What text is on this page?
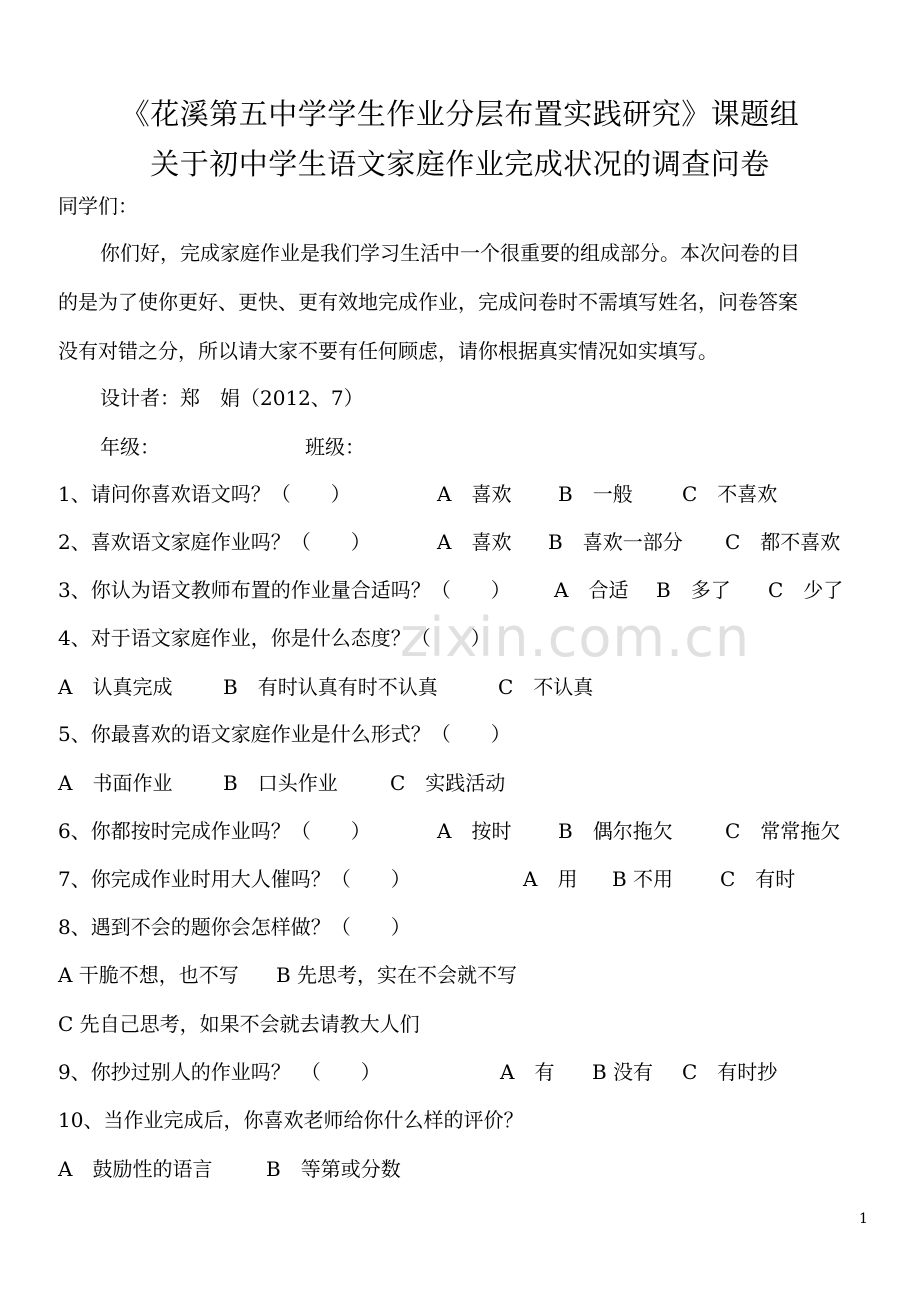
《花溪第五中学学生作业分层布置实践研究》课题组
关于初中学生语文家庭作业完成状况的调查问卷
同学们：
你们好，完成家庭作业是我们学习生活中一个很重要的组成部分。本次问卷的目
的是为了使你更好、更快、更有效地完成作业，完成问卷时不需填写姓名，问卷答案
没有对错之分，所以请大家不要有任何顾虑，请你根据真实情况如实填写。
设计者：郑　娟（2012、7）
年级：	班级：
1、请问你喜欢语文吗？（　　）	A　喜欢 B　一般 C　不喜欢
2、喜欢语文家庭作业吗？（　　）	A　喜欢 B　喜欢一部分 C　都不喜欢
3、你认为语文教师布置的作业量合适吗？（　　） A　合适 B　多了 C　少了
4、对于语文家庭作业，你是什么态度？（　　）
A　认真完成	B　有时认真有时不认真	C　不认真
5、你最喜欢的语文家庭作业是什么形式？（　　）
A　书面作业	B　口头作业	C　实践活动
6、你都按时完成作业吗？（　　）	A　按时 B　偶尔拖欠	C　常常拖欠
7、你完成作业时用大人催吗？（　　）	A　用 B 不用 C　有时
8、遇到不会的题你会怎样做？（　　）
A 干脆不想，也不写 B 先思考，实在不会就不写
C 先自己思考，如果不会就去请教大人们
9、你抄过别人的作业吗？　（　　）	A　有 B 没有 C　有时抄
10、当作业完成后，你喜欢老师给你什么样的评价？
A　鼓励性的语言	B　等第或分数
zixin.com.cn
1
